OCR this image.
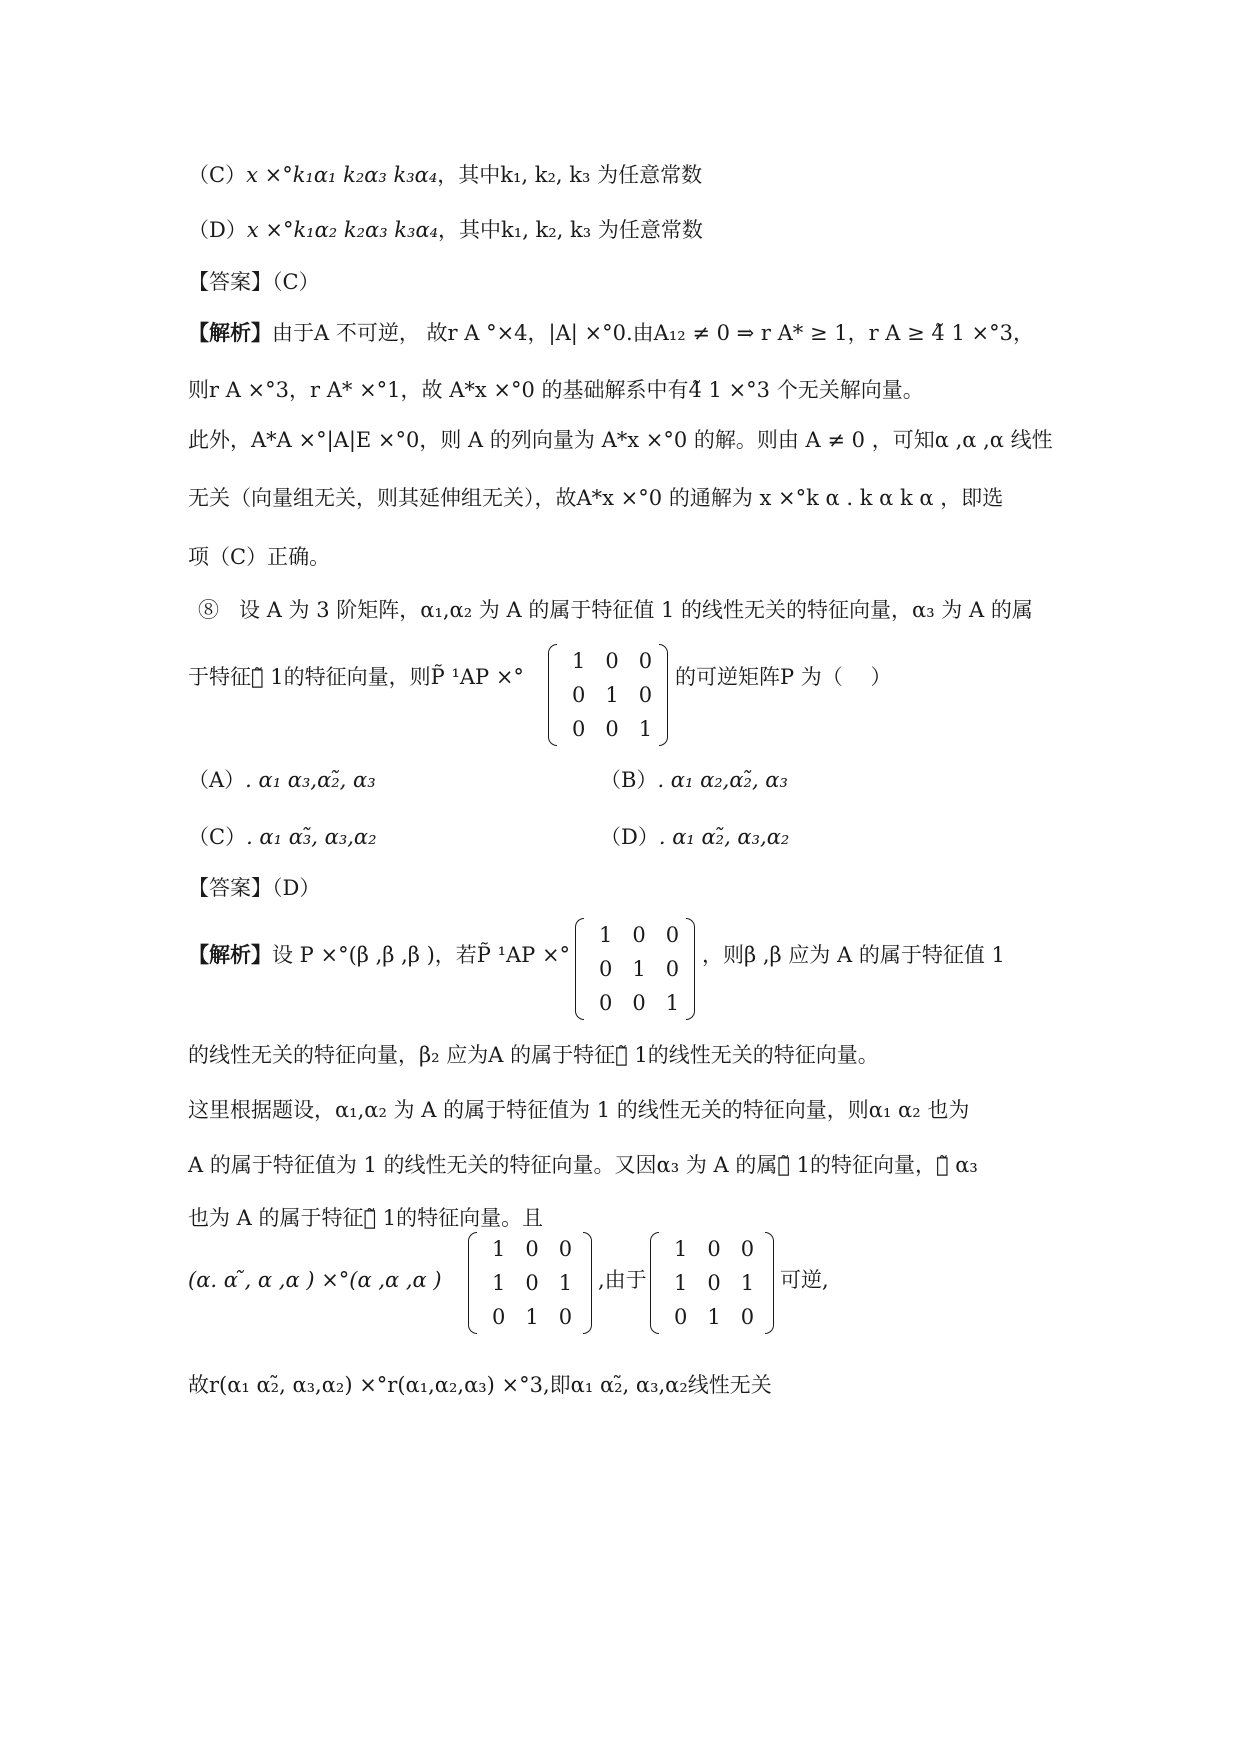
（C）x ×°k₁α₁ k₂α₃ k₃α₄，其中k₁, k₂, k₃ 为任意常数
（D）x ×°k₁α₂ k₂α₃ k₃α₄，其中k₁, k₂, k₃ 为任意常数
【答案】（C）
【解析】由于A 不可逆， 故r A °×4，|A| ×°0.由A₁₂ ≠ 0 ⇒ r A* ≥ 1，r A ≥ 4̃ 1 ×°3，
则r A ×°3，r A* ×°1，故 A*x ×°0 的基础解系中有4̃ 1 ×°3 个无关解向量。
此外，A*A ×°|A|E ×°0，则 A 的列向量为 A*x ×°0 的解。则由 A ≠ 0 ，可知α ,α ,α 线性
无关（向量组无关，则其延伸组无关），故A*x ×°0 的通解为 x ×°k α . k α k α ，即选
项（C）正确。
⑧ 设 A 为 3 阶矩阵，α₁,α₂ 为 A 的属于特征值 1 的线性无关的特征向量，α₃ 为 A 的属
于特征值̃ 1的特征向量，则P̃ ¹AP ×°
1	0	0
0	1	0
0	0	1
的可逆矩阵P 为（　 ）
（A）. α₁ α₃,α₂̃, α₃	（B）. α₁ α₂,α₂̃, α₃
（C）. α₁ α₃̃, α₃,α₂	（D）. α₁ α₂̃, α₃,α₂
【答案】（D）
【解析】设 P ×°(β ,β ,β )，若P̃ ¹AP ×°
1	0	0
0	1	0
0	0	1
，则β ,β 应为 A 的属于特征值 1
的线性无关的特征向量，β₂ 应为A 的属于特征值̃ 1的线性无关的特征向量。
这里根据题设，α₁,α₂ 为 A 的属于特征值为 1 的线性无关的特征向量，则α₁ α₂ 也为
A 的属于特征值为 1 的线性无关的特征向量。又因α₃ 为 A 的属于̃ 1的特征向量，则̃ α₃
也为 A 的属于特征值̃ 1的特征向量。且
(α. α ̃, α ,α ) ×°(α ,α ,α )
1	0	0
1	0	1
0	1	0
,由于
1	0	0
1	0	1
0	1	0
可逆,
故r(α₁ α₂̃, α₃,α₂) ×°r(α₁,α₂,α₃) ×°3,即α₁ α₂̃, α₃,α₂线性无关
